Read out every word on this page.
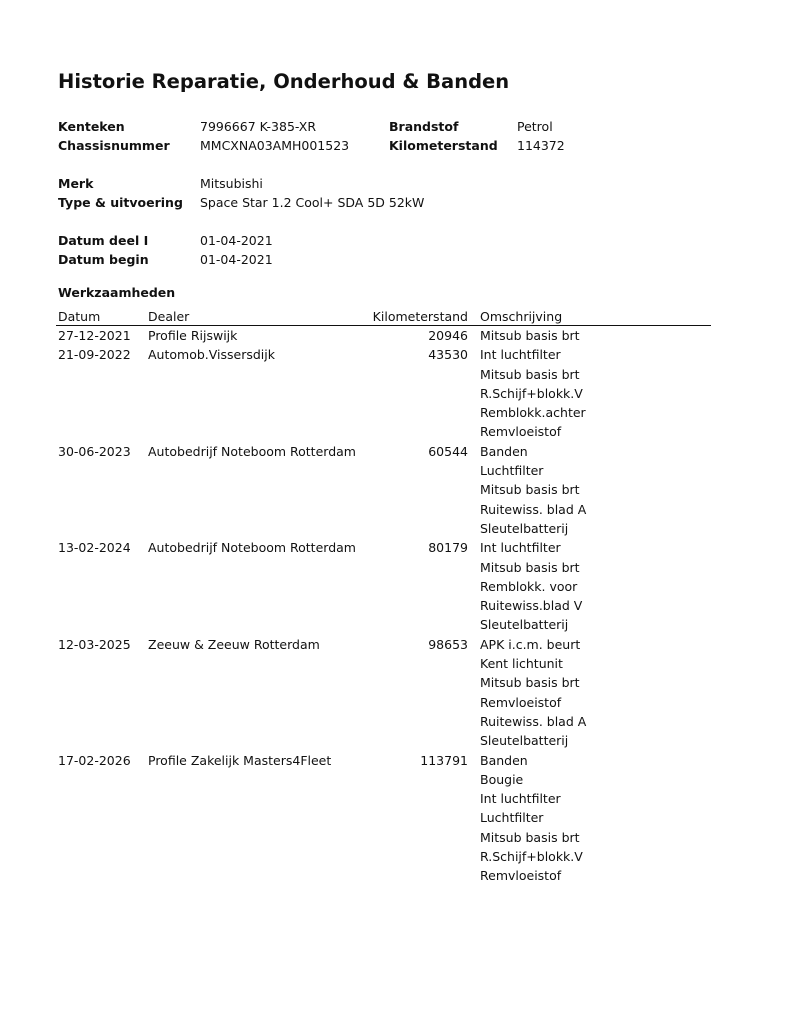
Historie Reparatie, Onderhoud & Banden
Kenteken	7996667 K-385-XR	Brandstof	Petrol
Chassisnummer MMCXNA03AMH001523	Kilometerstand 114372
Merk	Mitsubishi
Type & uitvoering Space Star 1.2 Cool+ SDA 5D 52kW
Datum deel I	01-04-2021
Datum begin	01-04-2021
Werkzaamheden
Datum	Dealer	Kilometerstand Omschrijving
27-12-2021 Profile Rijswijk	20946 Mitsub basis brt
21-09-2022 Automob.Vissersdijk	43530 Int luchtfilter
Mitsub basis brt
R.Schijf+blokk.V
Remblokk.achter
Remvloeistof
30-06-2023 Autobedrijf Noteboom Rotterdam	60544 Banden
Luchtfilter
Mitsub basis brt
Ruitewiss. blad A
Sleutelbatterij
13-02-2024 Autobedrijf Noteboom Rotterdam	80179 Int luchtfilter
Mitsub basis brt
Remblokk. voor
Ruitewiss.blad V
Sleutelbatterij
12-03-2025 Zeeuw & Zeeuw Rotterdam	98653 APK i.c.m. beurt
Kent lichtunit
Mitsub basis brt
Remvloeistof
Ruitewiss. blad A
Sleutelbatterij
17-02-2026 Profile Zakelijk Masters4Fleet	113791 Banden
Bougie
Int luchtfilter
Luchtfilter
Mitsub basis brt
R.Schijf+blokk.V
Remvloeistof
